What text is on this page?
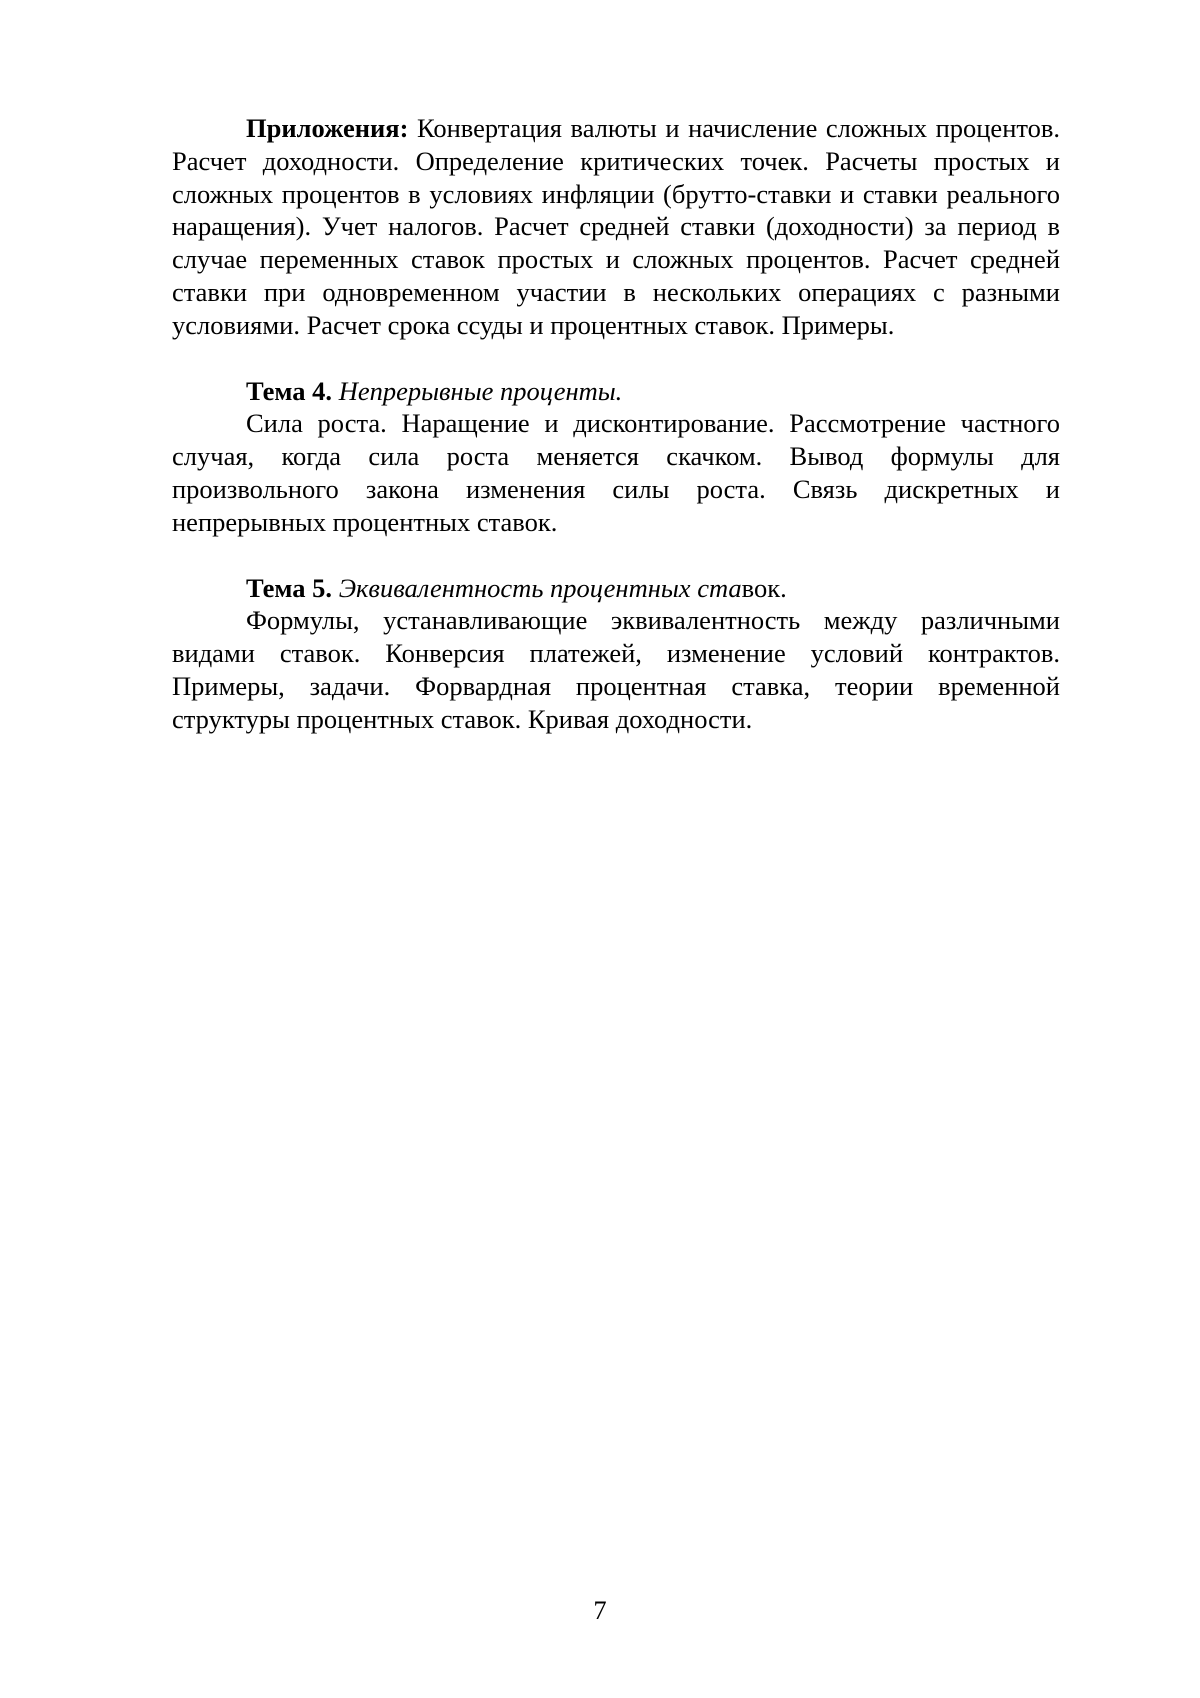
Приложения: Конвертация валюты и начисление сложных процентов. Расчет доходности. Определение критических точек. Расчеты простых и сложных процентов в условиях инфляции (брутто-ставки и ставки реального наращения). Учет налогов. Расчет средней ставки (доходности) за период в случае переменных ставок простых и сложных процентов. Расчет средней ставки при одновременном участии в нескольких операциях с разными условиями. Расчет срока ссуды и процентных ставок. Примеры.

Тема 4. Непрерывные проценты.

Сила роста. Наращение и дисконтирование. Рассмотрение частного случая, когда сила роста меняется скачком. Вывод формулы для произвольного закона изменения силы роста. Связь дискретных и непрерывных процентных ставок.

Тема 5. Эквивалентность процентных ставок.

Формулы, устанавливающие эквивалентность между различными видами ставок. Конверсия платежей, изменение условий контрактов. Примеры, задачи. Форвардная процентная ставка, теории временной структуры процентных ставок. Кривая доходности.

7
